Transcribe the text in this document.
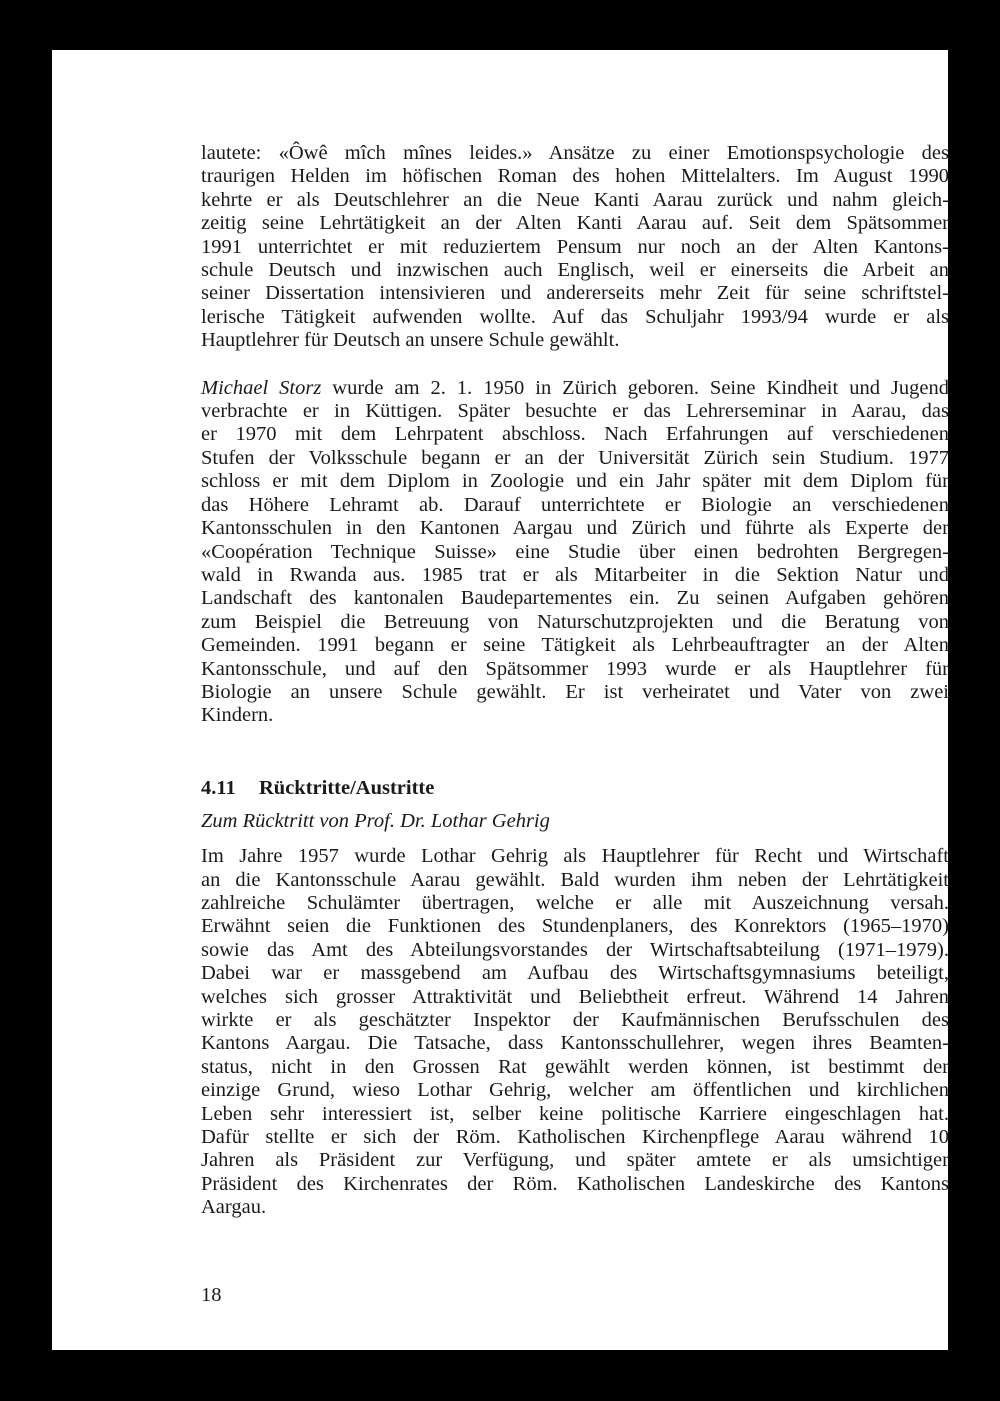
lautete: «Ôwê mîch mînes leides.» Ansätze zu einer Emotionspsychologie des
traurigen Helden im höfischen Roman des hohen Mittelalters. Im August 1990
kehrte er als Deutschlehrer an die Neue Kanti Aarau zurück und nahm gleich-
zeitig seine Lehrtätigkeit an der Alten Kanti Aarau auf. Seit dem Spätsommer
1991 unterrichtet er mit reduziertem Pensum nur noch an der Alten Kantons-
schule Deutsch und inzwischen auch Englisch, weil er einerseits die Arbeit an
seiner Dissertation intensivieren und andererseits mehr Zeit für seine schriftstel-
lerische Tätigkeit aufwenden wollte. Auf das Schuljahr 1993/94 wurde er als
Hauptlehrer für Deutsch an unsere Schule gewählt.
Michael Storz wurde am 2. 1. 1950 in Zürich geboren. Seine Kindheit und Jugend
verbrachte er in Küttigen. Später besuchte er das Lehrerseminar in Aarau, das
er 1970 mit dem Lehrpatent abschloss. Nach Erfahrungen auf verschiedenen
Stufen der Volksschule begann er an der Universität Zürich sein Studium. 1977
schloss er mit dem Diplom in Zoologie und ein Jahr später mit dem Diplom für
das Höhere Lehramt ab. Darauf unterrichtete er Biologie an verschiedenen
Kantonsschulen in den Kantonen Aargau und Zürich und führte als Experte der
«Coopération Technique Suisse» eine Studie über einen bedrohten Bergregen-
wald in Rwanda aus. 1985 trat er als Mitarbeiter in die Sektion Natur und
Landschaft des kantonalen Baudepartementes ein. Zu seinen Aufgaben gehören
zum Beispiel die Betreuung von Naturschutzprojekten und die Beratung von
Gemeinden. 1991 begann er seine Tätigkeit als Lehrbeauftragter an der Alten
Kantonsschule, und auf den Spätsommer 1993 wurde er als Hauptlehrer für
Biologie an unsere Schule gewählt. Er ist verheiratet und Vater von zwei
Kindern.
4.11 Rücktritte/Austritte

Zum Rücktritt von Prof. Dr. Lothar Gehrig

Im Jahre 1957 wurde Lothar Gehrig als Hauptlehrer für Recht und Wirtschaft
an die Kantonsschule Aarau gewählt. Bald wurden ihm neben der Lehrtätigkeit
zahlreiche Schulämter übertragen, welche er alle mit Auszeichnung versah.
Erwähnt seien die Funktionen des Stundenplaners, des Konrektors (1965–1970)
sowie das Amt des Abteilungsvorstandes der Wirtschaftsabteilung (1971–1979).
Dabei war er massgebend am Aufbau des Wirtschaftsgymnasiums beteiligt,
welches sich grosser Attraktivität und Beliebtheit erfreut. Während 14 Jahren
wirkte er als geschätzter Inspektor der Kaufmännischen Berufsschulen des
Kantons Aargau. Die Tatsache, dass Kantonsschullehrer, wegen ihres Beamten-
status, nicht in den Grossen Rat gewählt werden können, ist bestimmt der
einzige Grund, wieso Lothar Gehrig, welcher am öffentlichen und kirchlichen
Leben sehr interessiert ist, selber keine politische Karriere eingeschlagen hat.
Dafür stellte er sich der Röm. Katholischen Kirchenpflege Aarau während 10
Jahren als Präsident zur Verfügung, und später amtete er als umsichtiger
Präsident des Kirchenrates der Röm. Katholischen Landeskirche des Kantons
Aargau.
18
